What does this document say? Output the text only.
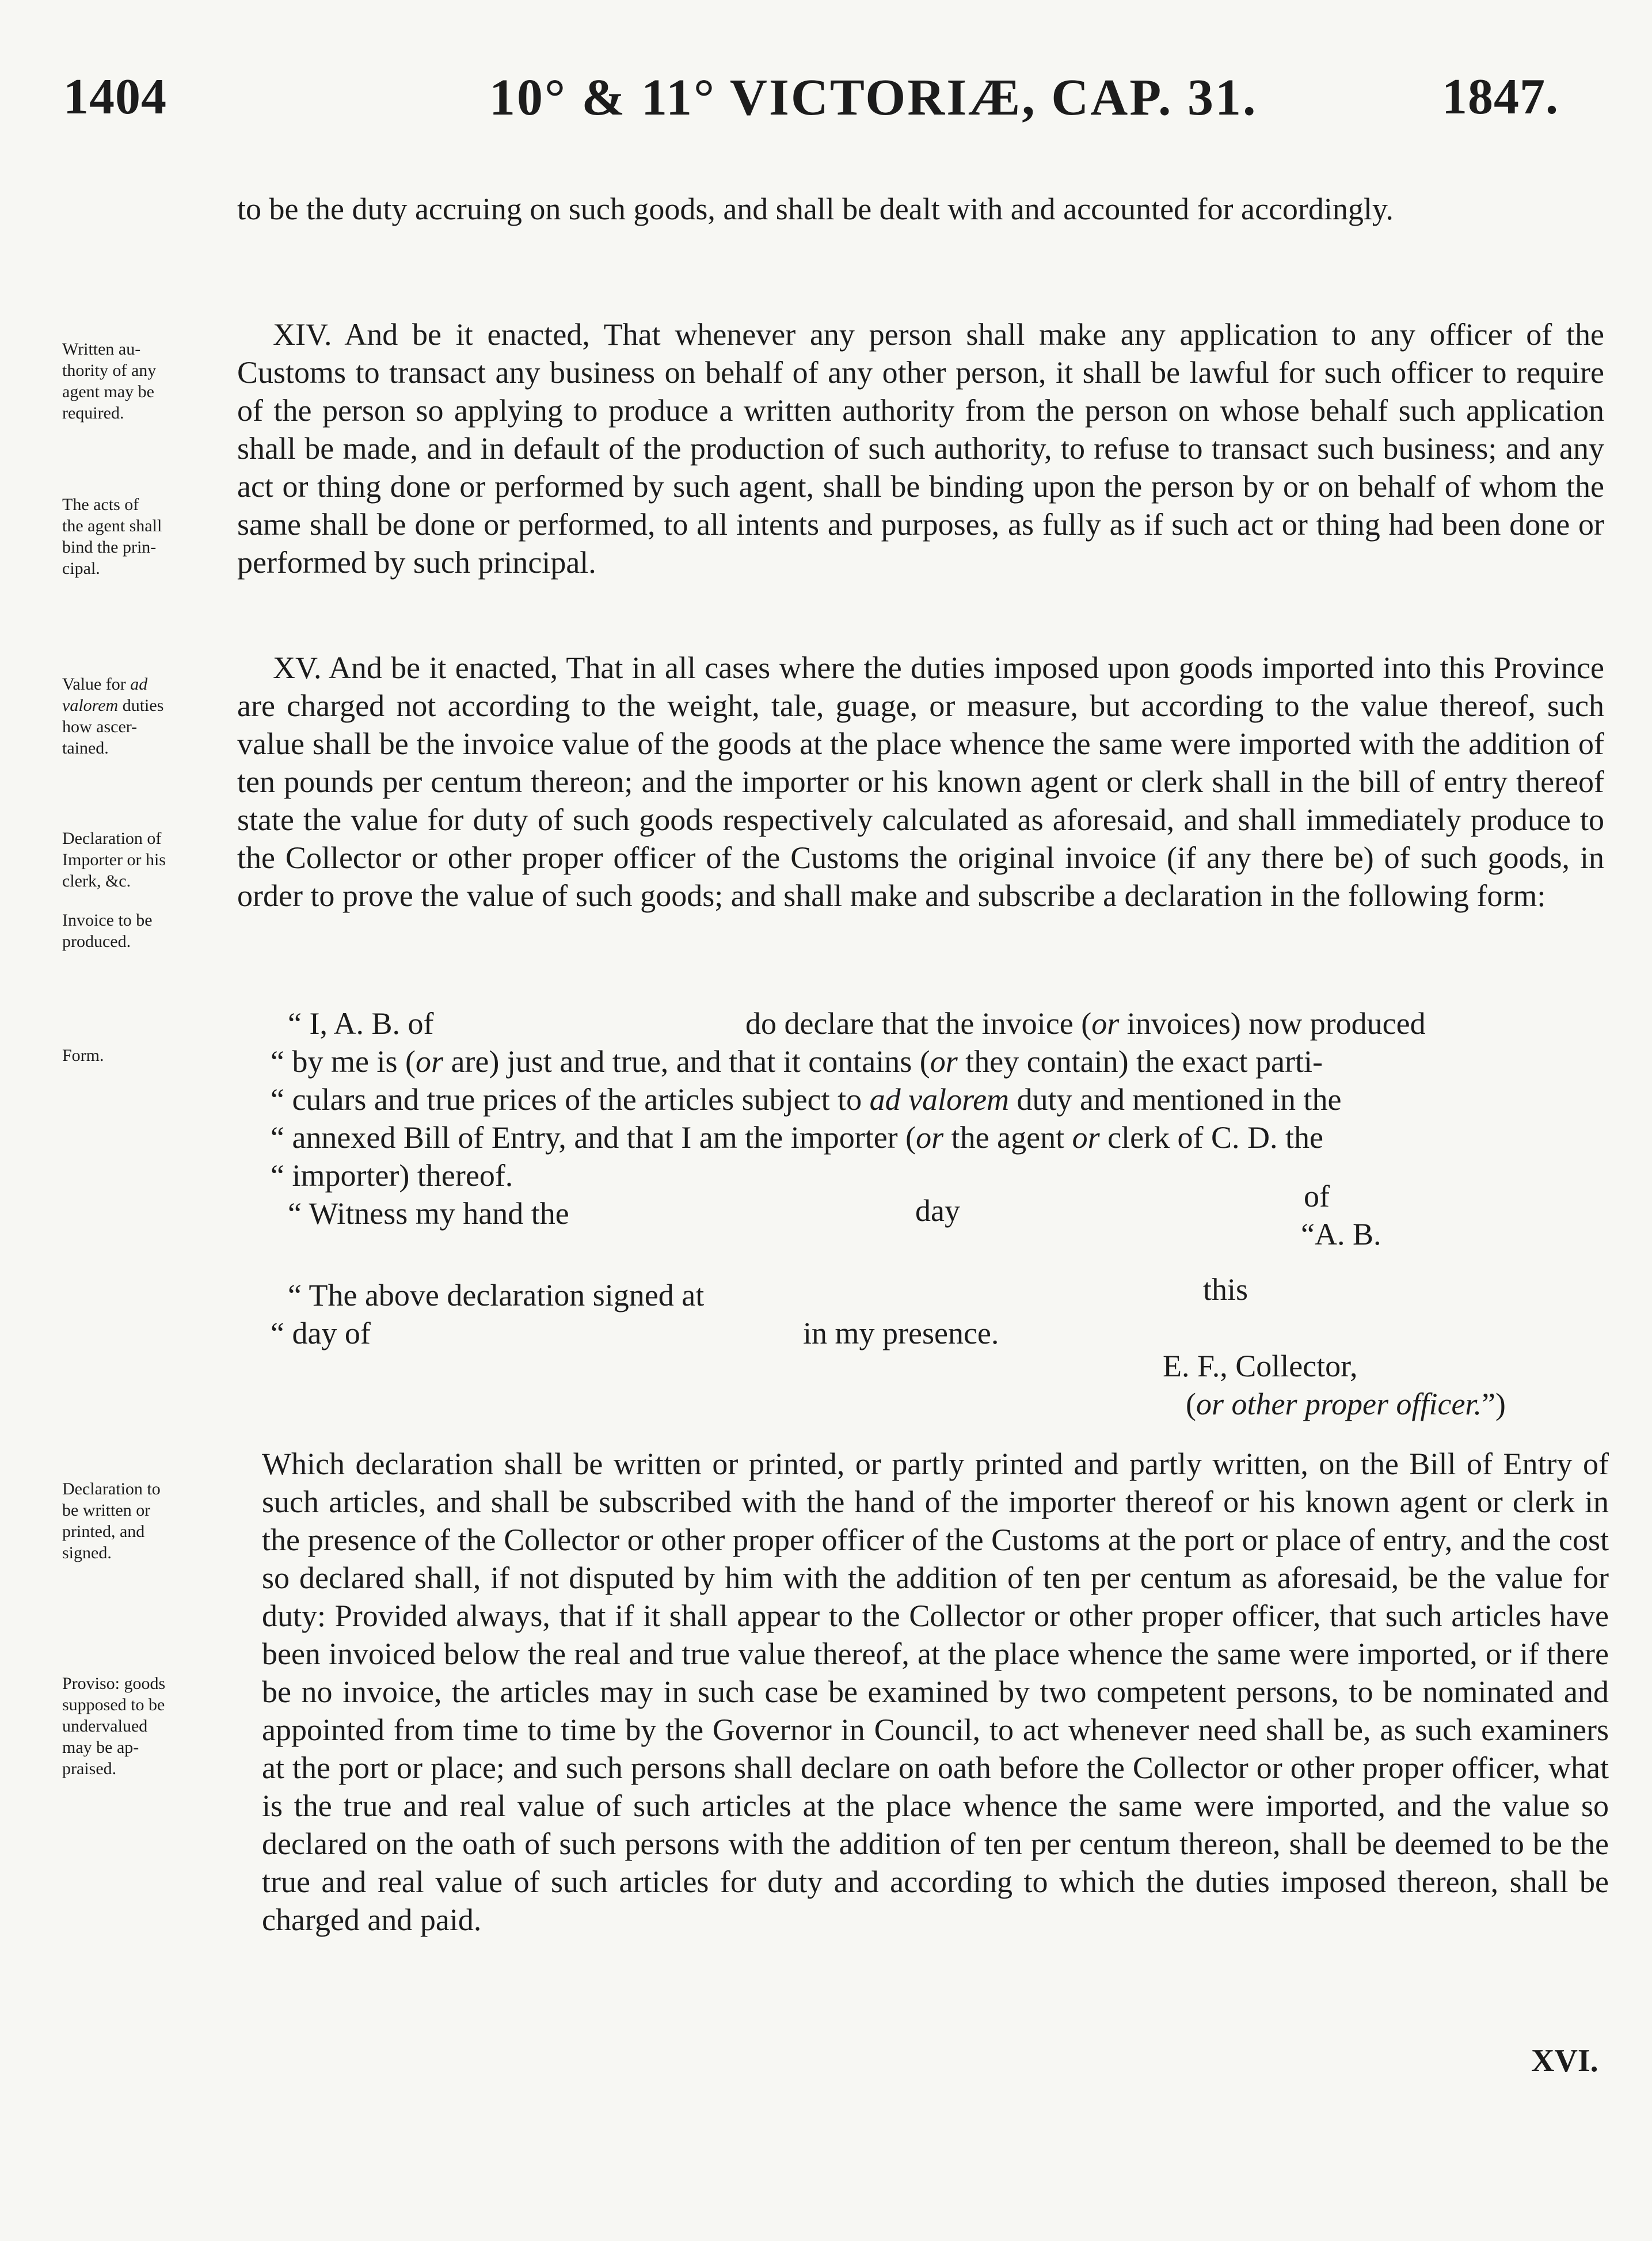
1404	10° & 11° VICTORIÆ, CAP. 31.	1847.

to be the duty accruing on such goods, and shall be dealt with and accounted for accordingly.

XIV. And be it enacted, That whenever any person shall make any application to any officer of the Customs to transact any business on behalf of any other person, it shall be lawful for such officer to require of the person so applying to produce a written authority from the person on whose behalf such application shall be made, and in default of the production of such authority, to refuse to transact such business; and any act or thing done or performed by such agent, shall be binding upon the person by or on behalf of whom the same shall be done or performed, to all intents and purposes, as fully as if such act or thing had been done or performed by such principal.

XV. And be it enacted, That in all cases where the duties imposed upon goods imported into this Province are charged not according to the weight, tale, guage, or measure, but according to the value thereof, such value shall be the invoice value of the goods at the place whence the same were imported with the addition of ten pounds per centum thereon; and the importer or his known agent or clerk shall in the bill of entry thereof state the value for duty of such goods respectively calculated as aforesaid, and shall immediately produce to the Collector or other proper officer of the Customs the original invoice (if any there be) of such goods, in order to prove the value of such goods; and shall make and subscribe a declaration in the following form:

“ I, A. B. of	do declare that the invoice (or invoices) now produced
“ by me is (or are) just and true, and that it contains (or they contain) the exact parti-
“ culars and true prices of the articles subject to ad valorem duty and mentioned in the
“ annexed Bill of Entry, and that I am the importer (or the agent or clerk of C. D. the
“ importer) thereof.
“ Witness my hand the	day	of
“A. B.
“ The above declaration signed at	this
“ day of	in my presence.
E. F., Collector,
(or other proper officer.”)

Which declaration shall be written or printed, or partly printed and partly written, on the Bill of Entry of such articles, and shall be subscribed with the hand of the importer thereof or his known agent or clerk in the presence of the Collector or other proper officer of the Customs at the port or place of entry, and the cost so declared shall, if not disputed by him with the addition of ten per centum as aforesaid, be the value for duty: Provided always, that if it shall appear to the Collector or other proper officer, that such articles have been invoiced below the real and true value thereof, at the place whence the same were imported, or if there be no invoice, the articles may in such case be examined by two competent persons, to be nominated and appointed from time to time by the Governor in Council, to act whenever need shall be, as such examiners at the port or place; and such persons shall declare on oath before the Collector or other proper officer, what is the true and real value of such articles at the place whence the same were imported, and the value so declared on the oath of such persons with the addition of ten per centum thereon, shall be deemed to be the true and real value of such articles for duty and according to which the duties imposed thereon, shall be charged and paid.

Written au-
thority of any
agent may be
required.
The acts of
the agent shall
bind the prin-
cipal.
Value for ad
valorem duties
how ascer-
tained.
Declaration of
Importer or his
clerk, &c.
Invoice to be
produced.
Form.
Declaration to
be written or
printed, and
signed.
Proviso: goods
supposed to be
undervalued
may be ap-
praised.
XVI.
